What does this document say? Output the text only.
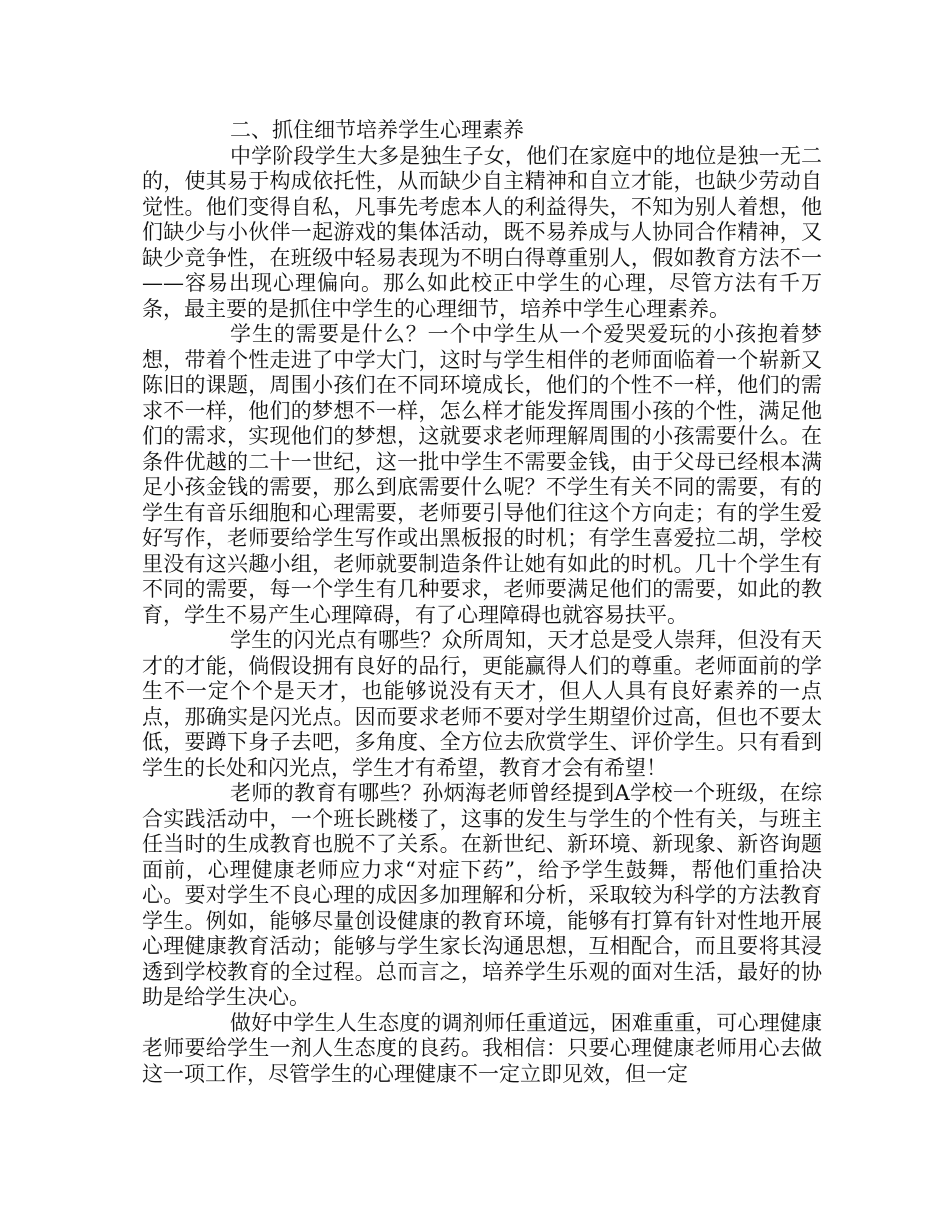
二、抓住细节培养学生心理素养

中学阶段学生大多是独生子女，他们在家庭中的地位是独一无二的，使其易于构成依托性，从而缺少自主精神和自立才能，也缺少劳动自觉性。他们变得自私，凡事先考虑本人的利益得失，不知为别人着想，他们缺少与小伙伴一起游戏的集体活动，既不易养成与人协同合作精神，又缺少竞争性，在班级中轻易表现为不明白得尊重别人，假如教育方法不一——容易出现心理偏向。那么如此校正中学生的心理，尽管方法有千万条，最主要的是抓住中学生的心理细节，培养中学生心理素养。

学生的需要是什么？一个中学生从一个爱哭爱玩的小孩抱着梦想，带着个性走进了中学大门，这时与学生相伴的老师面临着一个崭新又陈旧的课题，周围小孩们在不同环境成长，他们的个性不一样，他们的需求不一样，他们的梦想不一样，怎么样才能发挥周围小孩的个性，满足他们的需求，实现他们的梦想，这就要求老师理解周围的小孩需要什么。在条件优越的二十一世纪，这一批中学生不需要金钱，由于父母已经根本满足小孩金钱的需要，那么到底需要什么呢？不学生有关不同的需要，有的学生有音乐细胞和心理需要，老师要引导他们往这个方向走；有的学生爱好写作，老师要给学生写作或出黑板报的时机；有学生喜爱拉二胡，学校里没有这兴趣小组，老师就要制造条件让她有如此的时机。几十个学生有不同的需要，每一个学生有几种要求，老师要满足他们的需要，如此的教育，学生不易产生心理障碍，有了心理障碍也就容易扶平。

学生的闪光点有哪些？众所周知，天才总是受人崇拜，但没有天才的才能，倘假设拥有良好的品行，更能赢得人们的尊重。老师面前的学生不一定个个是天才，也能够说没有天才，但人人具有良好素养的一点点，那确实是闪光点。因而要求老师不要对学生期望价过高，但也不要太低，要蹲下身子去吧，多角度、全方位去欣赏学生、评价学生。只有看到学生的长处和闪光点，学生才有希望，教育才会有希望！

老师的教育有哪些？孙炳海老师曾经提到A学校一个班级，在综合实践活动中，一个班长跳楼了，这事的发生与学生的个性有关，与班主任当时的生成教育也脱不了关系。在新世纪、新环境、新现象、新咨询题面前，心理健康老师应力求“对症下药”，给予学生鼓舞，帮他们重拾决心。要对学生不良心理的成因多加理解和分析，采取较为科学的方法教育学生。例如，能够尽量创设健康的教育环境，能够有打算有针对性地开展心理健康教育活动；能够与学生家长沟通思想，互相配合，而且要将其浸透到学校教育的全过程。总而言之，培养学生乐观的面对生活，最好的协助是给学生决心。

做好中学生人生态度的调剂师任重道远，困难重重，可心理健康老师要给学生一剂人生态度的良药。我相信：只要心理健康老师用心去做这一项工作，尽管学生的心理健康不一定立即见效，但一定
